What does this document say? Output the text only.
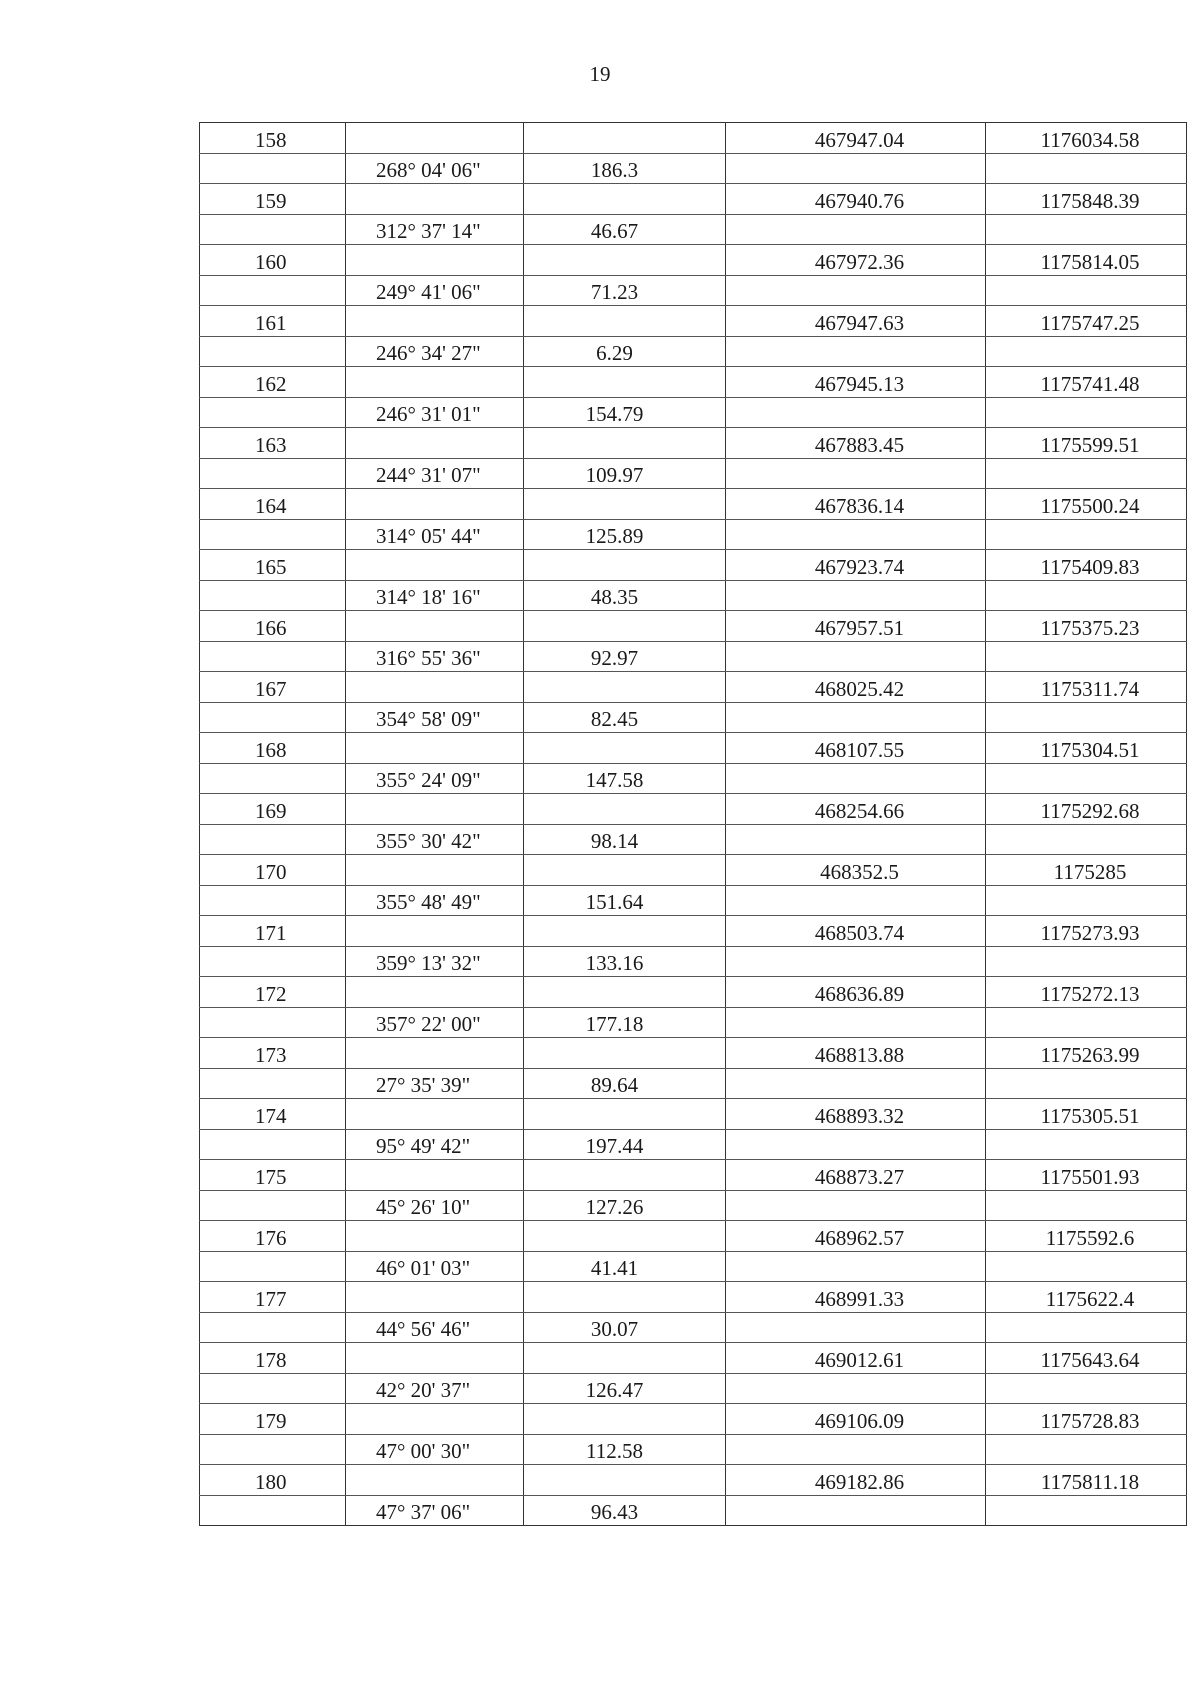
19
158			467947.04	1176034.58
	268° 04' 06"	186.3		
159			467940.76	1175848.39
	312° 37' 14"	46.67		
160			467972.36	1175814.05
	249° 41' 06"	71.23		
161			467947.63	1175747.25
	246° 34' 27"	6.29		
162			467945.13	1175741.48
	246° 31' 01"	154.79		
163			467883.45	1175599.51
	244° 31' 07"	109.97		
164			467836.14	1175500.24
	314° 05' 44"	125.89		
165			467923.74	1175409.83
	314° 18' 16"	48.35		
166			467957.51	1175375.23
	316° 55' 36"	92.97		
167			468025.42	1175311.74
	354° 58' 09"	82.45		
168			468107.55	1175304.51
	355° 24' 09"	147.58		
169			468254.66	1175292.68
	355° 30' 42"	98.14		
170			468352.5	1175285
	355° 48' 49"	151.64		
171			468503.74	1175273.93
	359° 13' 32"	133.16		
172			468636.89	1175272.13
	357° 22' 00"	177.18		
173			468813.88	1175263.99
	27° 35' 39"	89.64		
174			468893.32	1175305.51
	95° 49' 42"	197.44		
175			468873.27	1175501.93
	45° 26' 10"	127.26		
176			468962.57	1175592.6
	46° 01' 03"	41.41		
177			468991.33	1175622.4
	44° 56' 46"	30.07		
178			469012.61	1175643.64
	42° 20' 37"	126.47		
179			469106.09	1175728.83
	47° 00' 30"	112.58		
180			469182.86	1175811.18
	47° 37' 06"	96.43		
